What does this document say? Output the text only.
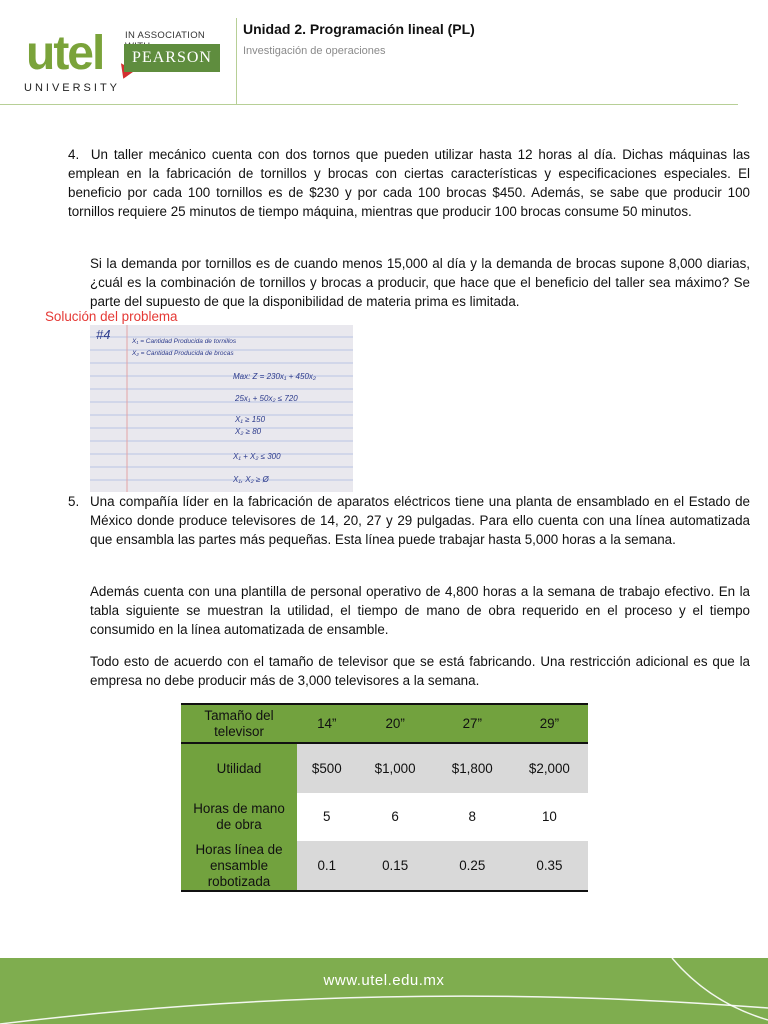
utel IN ASSOCIATION
PEARSON
UNIVERSITY
Unidad 2. Programación lineal (PL)
Investigación de operaciones
4. Un taller mecánico cuenta con dos tornos que pueden utilizar hasta 12 horas al día. Dichas máquinas las emplean en la fabricación de tornillos y brocas con ciertas características y especificaciones especiales. El beneficio por cada 100 tornillos es de $230 y por cada 100 brocas $450. Además, se sabe que producir 100 tornillos requiere 25 minutos de tiempo máquina, mientras que producir 100 brocas consume 50 minutos.
Si la demanda por tornillos es de cuando menos 15,000 al día y la demanda de brocas supone 8,000 diarias, ¿cuál es la combinación de tornillos y brocas a producir, que hace que el beneficio del taller sea máximo? Se parte del supuesto de que la disponibilidad de materia prima es limitada.
Solución del problema
#4	X₁ = Cantidad Producida de tornillos
X₂ = Cantidad Producida de brocas
Max: Z = 230x₁ + 450x₂
25x₁ + 50x₂ ≤ 720
X₁ ≥ 150
X₂ ≥ 80
X₁ + X₂ ≤ 300
X₁, X₂ ≥ Ø
5. Una compañía líder en la fabricación de aparatos eléctricos tiene una planta de ensamblado en el Estado de México donde produce televisores de 14, 20, 27 y 29 pulgadas. Para ello cuenta con una línea automatizada que ensambla las partes más pequeñas. Esta línea puede trabajar hasta 5,000 horas a la semana.
Además cuenta con una plantilla de personal operativo de 4,800 horas a la semana de trabajo efectivo. En la tabla siguiente se muestran la utilidad, el tiempo de mano de obra requerido en el proceso y el tiempo consumido en la línea automatizada de ensamble.
Todo esto de acuerdo con el tamaño de televisor que se está fabricando. Una restricción adicional es que la empresa no debe producir más de 3,000 televisores a la semana.
Tamaño del televisor	14”	20”	27”	29”
Utilidad	$500	$1,000	$1,800	$2,000
Horas de mano de obra	5	6	8	10
Horas línea de ensamble robotizada	0.1	0.15	0.25	0.35
www.utel.edu.mx
